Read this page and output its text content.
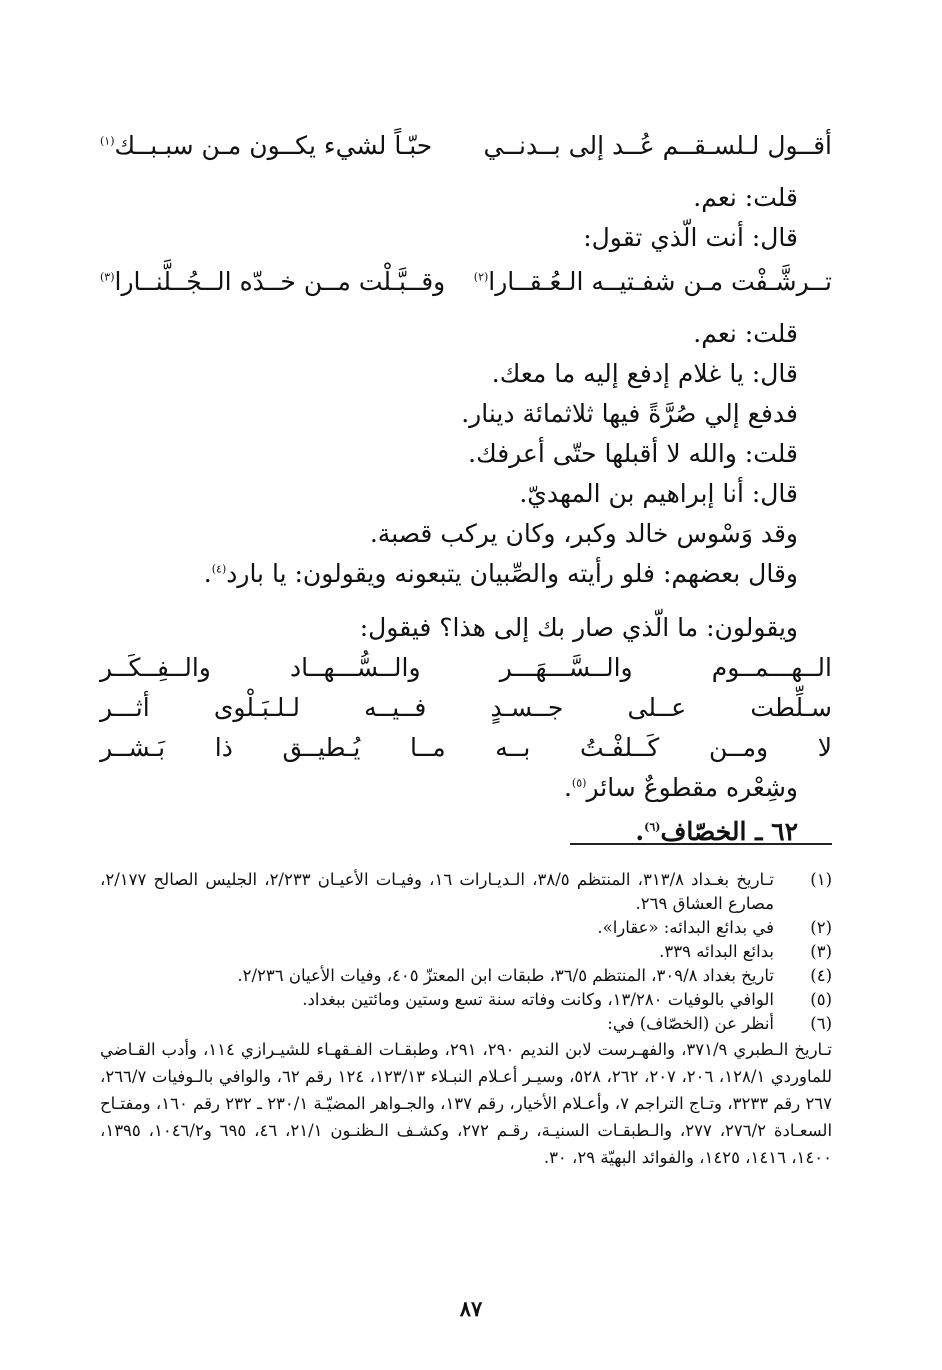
أقــول لـلسـقــم عُــد إلى بــدنــي
حبّـاً لشيء يكــون مـن سبـبــك$^{(١)}$
قلت: نعم.
قال: أنت الّذي تقول:
تــرشَّـفْت مـن شفـتيــه الـعُـقــارا$^{(٢)}$
وقــبَّـلْت مــن خــدّه الــجُــلَّنــارا$^{(٣)}$
قلت: نعم.
قال: يا غلام إدفع إليه ما معك.
فدفع إلي صُرَّةً فيها ثلاثمائة دينار.
قلت: والله لا أقبلها حتّى أعرفك.
قال: أنا إبراهيم بن المهديّ.
وقد وَسْوس خالد وكبر، وكان يركب قصبة.
وقال بعضهم: فلو رأيته والصِّبيان يتبعونه ويقولون: يا بارد$^{(٤)}$.
ويقولون: ما الّذي صار بك إلى هذا؟ فيقول:
الــهـــمــوم
والــسَّـــهَـــر
والــسُّـــهــاد
والــفِــكَــر
سـلِّطت
عــلى
جــسـدٍ
فــيــه
لـلـبَـلْوى
أثـــر
لا
ومــن
كَــلفْـتُ
بــه
مــا
يُـطيــق
ذا
بَـشــر
وشِعْره مقطوعٌ سائر$^{(٥)}$.
٦٢ ـ الخصّاف$^{(٦)}$.
(١)
تـاريخ بغـداد ٣١٣/٨، المنتظم ٣٨/٥، الـديـارات ١٦، وفيـات الأعيـان ٢/٢٣٣، الجليس الصالح ٢/١٧٧، مصارع العشاق ٢٦٩.
(٢)
في بدائع البدائه: «عقارا».
(٣)
بدائع البدائه ٣٣٩.
(٤)
تاريخ بغداد ٣٠٩/٨، المنتظم ٣٦/٥، طبقات ابن المعتزّ ٤٠٥، وفيات الأعيان ٢/٢٣٦.
(٥)
الوافي بالوفيات ١٣/٢٨٠، وكانت وفاته سنة تسع وستين ومائتين ببغداد.
(٦)
أنظر عن (الخصّاف) في:
تـاريخ الـطبري ٣٧١/٩، والفهـرست لابن النديم ٢٩٠، ٢٩١، وطبقـات الفـقهـاء للشيـرازي ١١٤، وأدب القـاضي للماوردي ١٢٨/١، ٢٠٦، ٢٠٧، ٢٦٢، ٥٢٨، وسيـر أعـلام النبـلاء ١٢٣/١٣، ١٢٤ رقم ٦٢، والوافي بالـوفيات ٢٦٦/٧، ٢٦٧ رقم ٣٢٣٣، وتـاج التراجم ٧، وأعـلام الأخيار، رقم ١٣٧، والجـواهر المضيّـة ٢٣٠/١ ـ ٢٣٢ رقم ١٦٠، ومفتـاح السعـادة ٢٧٦/٢، ٢٧٧، والـطبقـات السنيـة، رقـم ٢٧٢، وكشـف الـظنـون ٢١/١، ٤٦، ٦٩٥ و١٠٤٦/٢، ١٣٩٥، ١٤٠٠، ١٤١٦، ١٤٢٥، والفوائد البهيّة ٢٩، ٣٠.
٨٧
